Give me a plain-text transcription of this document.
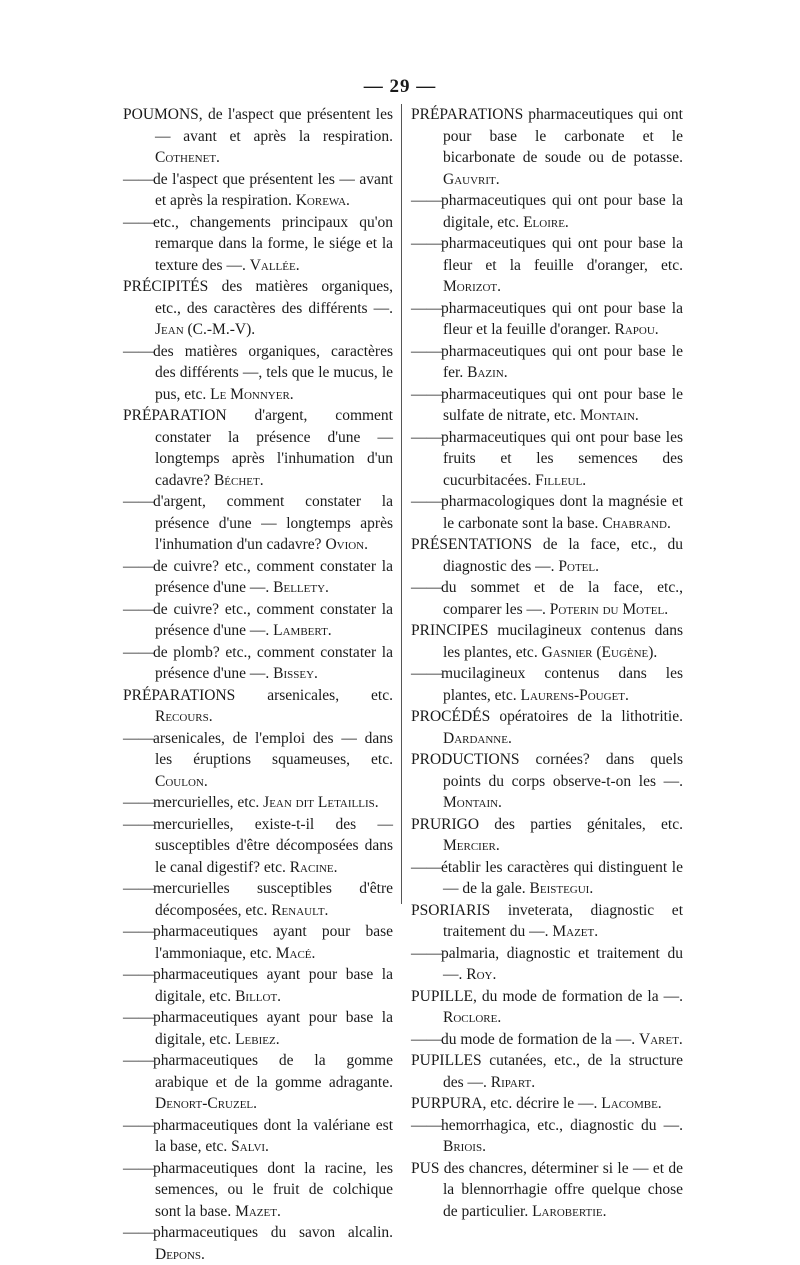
— 29 —

POUMONS, de l'aspect que présentent les — avant et après la respiration. Cothenet.

——de l'aspect que présentent les — avant et après la respiration. Korewa.

——etc., changements principaux qu'on remarque dans la forme, le siége et la texture des —. Vallée.

PRÉCIPITÉS des matières organiques, etc., des caractères des différents —. Jean (C.-M.-V).

——des matières organiques, caractères des différents —, tels que le mucus, le pus, etc. Le Monnyer.

PRÉPARATION d'argent, comment constater la présence d'une — longtemps après l'inhumation d'un cadavre? Béchet.

——d'argent, comment constater la présence d'une — longtemps après l'inhumation d'un cadavre? Ovion.

——de cuivre? etc., comment constater la présence d'une —. Bellety.

——de cuivre? etc., comment constater la présence d'une —. Lambert.

——de plomb? etc., comment constater la présence d'une —. Bissey.

PRÉPARATIONS arsenicales, etc. Recours.

——arsenicales, de l'emploi des — dans les éruptions squameuses, etc. Coulon.

——mercurielles, etc. Jean dit Letaillis.

——mercurielles, existe-t-il des — susceptibles d'être décomposées dans le canal digestif? etc. Racine.

——mercurielles susceptibles d'être décomposées, etc. Renault.

——pharmaceutiques ayant pour base l'ammoniaque, etc. Macé.

——pharmaceutiques ayant pour base la digitale, etc. Billot.

——pharmaceutiques ayant pour base la digitale, etc. Lebiez.

——pharmaceutiques de la gomme arabique et de la gomme adragante. Denort-Cruzel.

——pharmaceutiques dont la valériane est la base, etc. Salvi.

——pharmaceutiques dont la racine, les semences, ou le fruit de colchique sont la base. Mazet.

——pharmaceutiques du savon alcalin. Depons.

PRÉPARATIONS pharmaceutiques qui ont pour base le carbonate et le bicarbonate de soude ou de potasse. Gauvrit.

——pharmaceutiques qui ont pour base la digitale, etc. Eloire.

——pharmaceutiques qui ont pour base la fleur et la feuille d'oranger, etc. Morizot.

——pharmaceutiques qui ont pour base la fleur et la feuille d'oranger. Rapou.

——pharmaceutiques qui ont pour base le fer. Bazin.

——pharmaceutiques qui ont pour base le sulfate de nitrate, etc. Montain.

——pharmaceutiques qui ont pour base les fruits et les semences des cucurbitacées. Filleul.

——pharmacologiques dont la magnésie et le carbonate sont la base. Chabrand.

PRÉSENTATIONS de la face, etc., du diagnostic des —. Potel.

——du sommet et de la face, etc., comparer les —. Poterin du Motel.

PRINCIPES mucilagineux contenus dans les plantes, etc. Gasnier (Eugène).

——mucilagineux contenus dans les plantes, etc. Laurens-Pouget.

PROCÉDÉS opératoires de la lithotritie. Dardanne.

PRODUCTIONS cornées? dans quels points du corps observe-t-on les —. Montain.

PRURIGO des parties génitales, etc. Mercier.

——établir les caractères qui distinguent le — de la gale. Beistegui.

PSORIARIS inveterata, diagnostic et traitement du —. Mazet.

——palmaria, diagnostic et traitement du —. Roy.

PUPILLE, du mode de formation de la —. Roclore.

——du mode de formation de la —. Varet.

PUPILLES cutanées, etc., de la structure des —. Ripart.

PURPURA, etc. décrire le —. Lacombe.

——hemorrhagica, etc., diagnostic du —. Briois.

PUS des chancres, déterminer si le — et de la blennorrhagie offre quelque chose de particulier. Larobertie.
